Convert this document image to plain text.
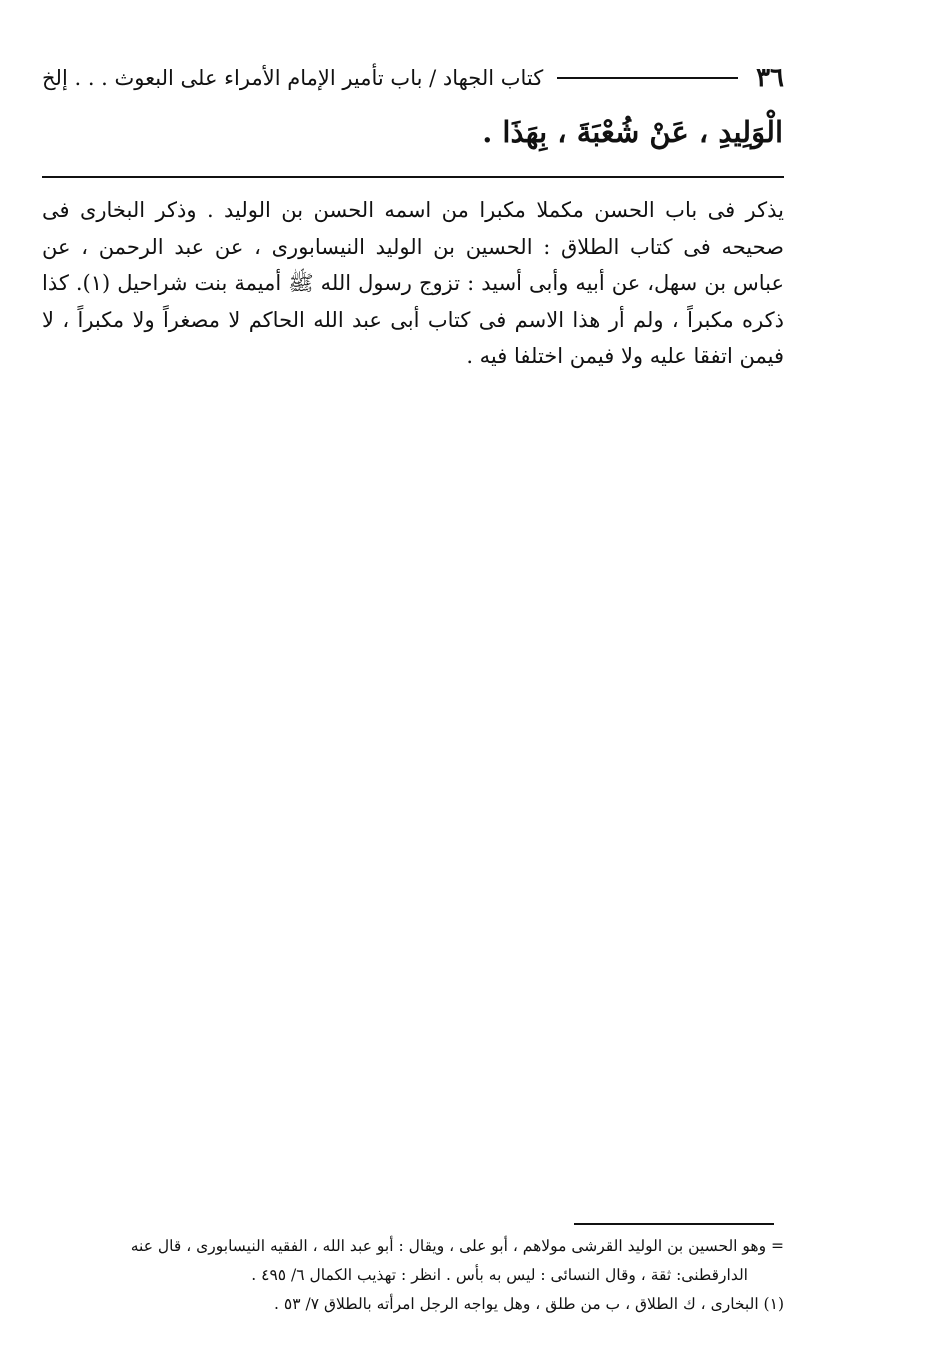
٣٦
كتاب الجهاد / باب تأمير الإمام الأمراء على البعوث . . . إلخ
الْوَلِيدِ ، عَنْ شُعْبَةَ ، بِهَذَا .
يذكر فى باب الحسن مكملا مكبرا من اسمه الحسن بن الوليد . وذكر البخارى فى صحيحه فى كتاب الطلاق : الحسين بن الوليد النيسابورى ، عن عبد الرحمن ، عن عباس بن سهل، عن أبيه وأبى أسيد : تزوج رسول الله ﷺ أميمة بنت شراحيل (١). كذا ذكره مكبراً ، ولم أر هذا الاسم فى كتاب أبى عبد الله الحاكم لا مصغراً ولا مكبراً ، لا فيمن اتفقا عليه ولا فيمن اختلفا فيه .
= وهو الحسين بن الوليد القرشى مولاهم ، أبو على ، ويقال : أبو عبد الله ، الفقيه النيسابورى ، قال عنه
الدارقطنى: ثقة ، وقال النسائى : ليس به بأس . انظر : تهذيب الكمال ٦/ ٤٩٥ .
(١) البخارى ، ك الطلاق ، ب من طلق ، وهل يواجه الرجل امرأته بالطلاق ٧/ ٥٣ .
